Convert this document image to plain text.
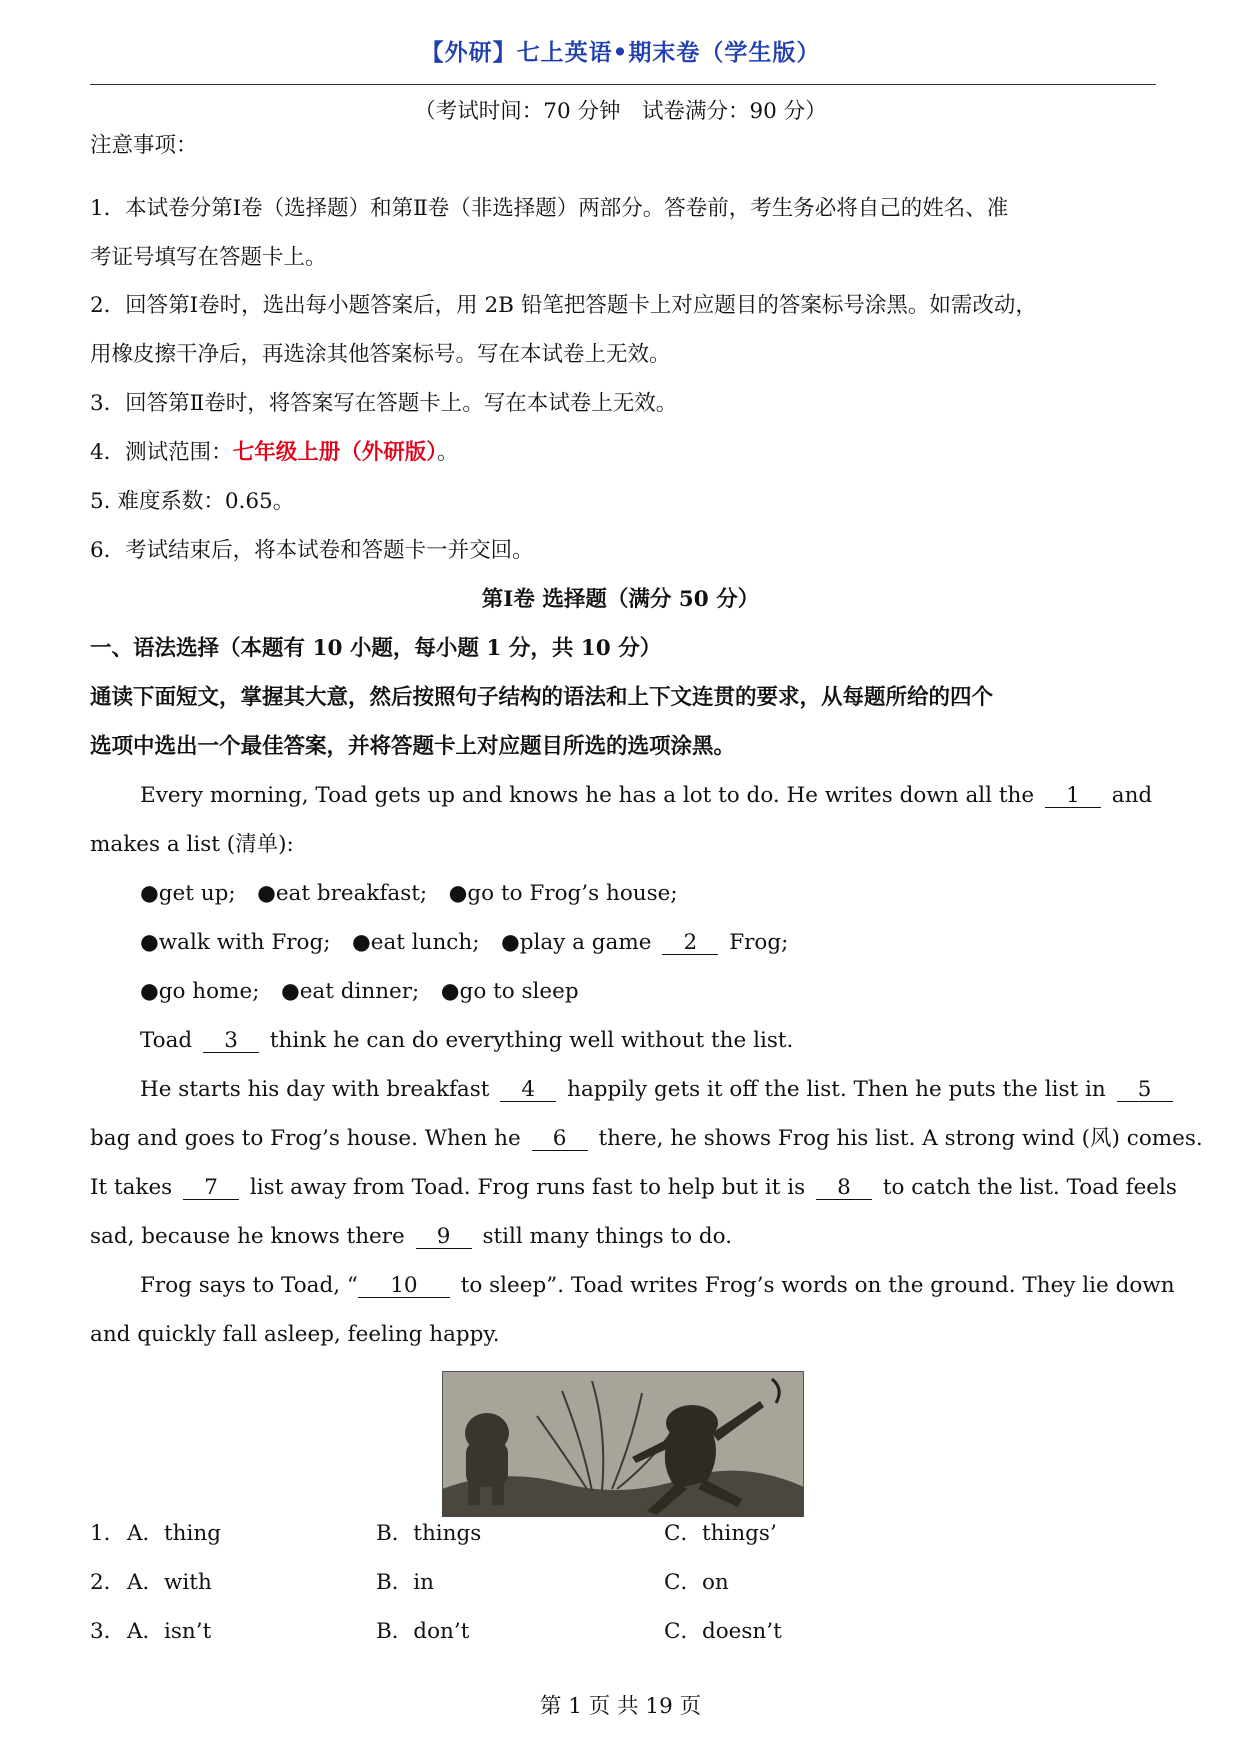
【外研】七上英语•期末卷（学生版）
（考试时间：70 分钟　试卷满分：90 分）
注意事项：
1．本试卷分第Ⅰ卷（选择题）和第Ⅱ卷（非选择题）两部分。答卷前，考生务必将自己的姓名、准
考证号填写在答题卡上。
2．回答第Ⅰ卷时，选出每小题答案后，用 2B 铅笔把答题卡上对应题目的答案标号涂黑。如需改动，
用橡皮擦干净后，再选涂其他答案标号。写在本试卷上无效。
3．回答第Ⅱ卷时，将答案写在答题卡上。写在本试卷上无效。
4．测试范围：七年级上册（外研版）。
5. 难度系数：0.65。
6．考试结束后，将本试卷和答题卡一并交回。
第Ⅰ卷 选择题（满分 50 分）
一、语法选择（本题有 10 小题，每小题 1 分，共 10 分）
通读下面短文，掌握其大意，然后按照句子结构的语法和上下文连贯的要求，从每题所给的四个
选项中选出一个最佳答案，并将答题卡上对应题目所选的选项涂黑。
Every morning, Toad gets up and knows he has a lot to do. He writes down all the 1 and
makes a list (清单):
●get up;　●eat breakfast;　●go to Frog’s house;
●walk with Frog;　●eat lunch;　●play a game 2 Frog;
●go home;　●eat dinner;　●go to sleep
Toad 3 think he can do everything well without the list.
He starts his day with breakfast 4 happily gets it off the list. Then he puts the list in 5
bag and goes to Frog’s house. When he 6 there, he shows Frog his list. A strong wind (风) comes.
It takes 7 list away from Toad. Frog runs fast to help but it is 8 to catch the list. Toad feels
sad, because he knows there 9 still many things to do.
Frog says to Toad, “ 10 to sleep”. Toad writes Frog’s words on the ground. They lie down
and quickly fall asleep, feeling happy.
1． A．thing	B．things	C．things’
2． A．with	B．in	C．on
3． A．isn’t	B．don’t	C．doesn’t
第 1 页 共 19 页
